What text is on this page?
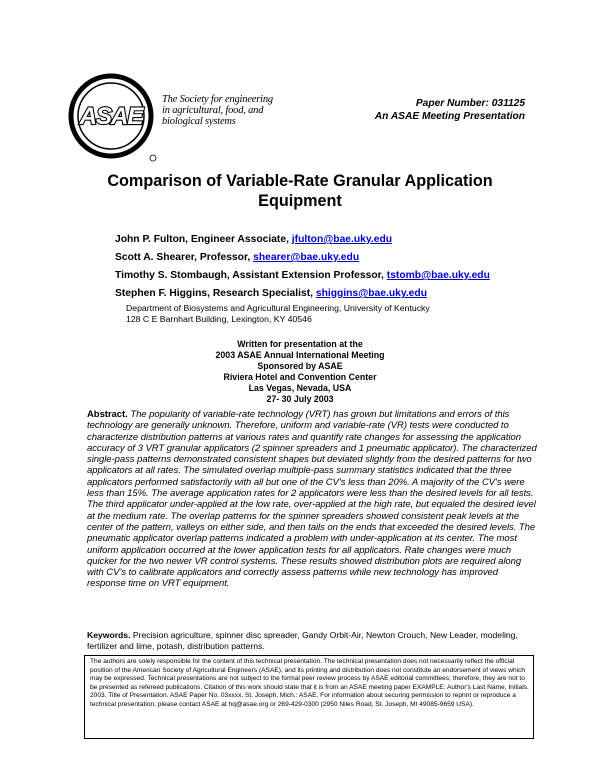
ASAE
The Society for engineering
in agricultural, food, and
biological systems
Paper Number: 031125
An ASAE Meeting Presentation
Comparison of Variable-Rate Granular Application
Equipment
John P. Fulton, Engineer Associate, jfulton@bae.uky.edu
Scott A. Shearer, Professor, shearer@bae.uky.edu
Timothy S. Stombaugh, Assistant Extension Professor, tstomb@bae.uky.edu
Stephen F. Higgins, Research Specialist, shiggins@bae.uky.edu
Department of Biosystems and Agricultural Engineering, University of Kentucky
128 C E Barnhart Building, Lexington, KY 40546
Written for presentation at the
2003 ASAE Annual International Meeting
Sponsored by ASAE
Riviera Hotel and Convention Center
Las Vegas, Nevada, USA
27- 30 July 2003
Abstract. The popularity of variable-rate technology (VRT) has grown but limitations and errors of this technology are generally unknown. Therefore, uniform and variable-rate (VR) tests were conducted to characterize distribution patterns at various rates and quantify rate changes for assessing the application accuracy of 3 VRT granular applicators (2 spinner spreaders and 1 pneumatic applicator). The characterized single-pass patterns demonstrated consistent shapes but deviated slightly from the desired patterns for two applicators at all rates. The simulated overlap multiple-pass summary statistics indicated that the three applicators performed satisfactorily with all but one of the CV’s less than 20%. A majority of the CV’s were less than 15%. The average application rates for 2 applicators were less than the desired levels for all tests. The third applicator under-applied at the low rate, over-applied at the high rate, but equaled the desired level at the medium rate. The overlap patterns for the spinner spreaders showed consistent peak levels at the center of the pattern, valleys on either side, and then tails on the ends that exceeded the desired levels. The pneumatic applicator overlap patterns indicated a problem with under-application at its center. The most uniform application occurred at the lower application tests for all applicators. Rate changes were much quicker for the two newer VR control systems. These results showed distribution plots are required along with CV’s to calibrate applicators and correctly assess patterns while new technology has improved response time on VRT equipment.
Keywords. Precision agriculture, spinner disc spreader, Gandy Orbit-Air, Newton Crouch, New Leader, modeling, fertilizer and lime, potash, distribution patterns.
The authors are solely responsible for the content of this technical presentation. The technical presentation does not necessarily reflect the official position of the American Society of Agricultural Engineers (ASAE), and its printing and distribution does not constitute an endorsement of views which may be expressed. Technical presentations are not subject to the formal peer review process by ASAE editorial committees; therefore, they are not to be presented as refereed publications. Citation of this work should state that it is from an ASAE meeting paper EXAMPLE: Author's Last Name, Initials. 2003. Title of Presentation. ASAE Paper No. 03xxxx. St. Joseph, Mich.: ASAE. For information about securing permission to reprint or reproduce a technical presentation, please contact ASAE at hq@asae.org or 269-429-0300 (2950 Niles Road, St. Joseph, MI 49085-9659 USA).
